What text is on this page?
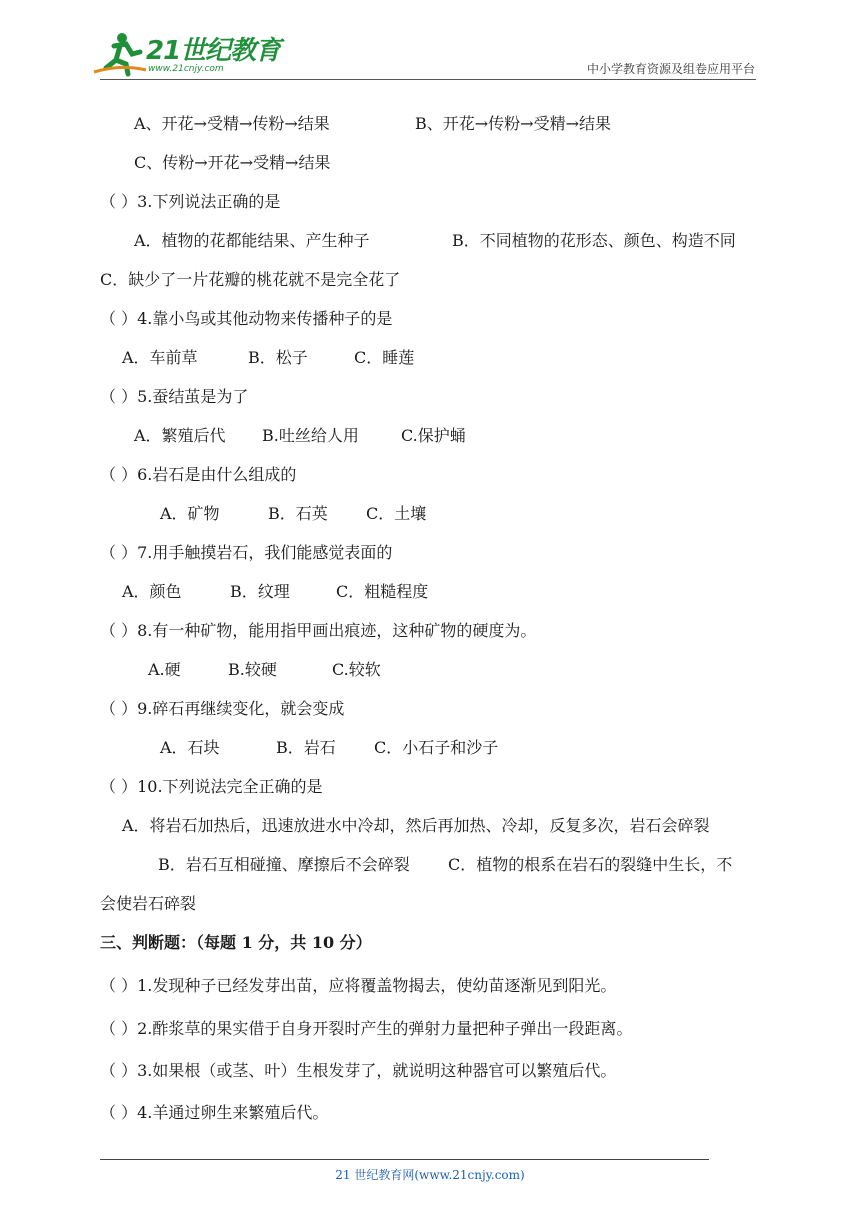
21世纪教育
www.21cnjy.com	中小学教育资源及组卷应用平台
A、开花→受精→传粉→结果	B、开花→传粉→受精→结果
C、传粉→开花→受精→结果
（ ）3.下列说法正确的是
A．植物的花都能结果、产生种子	B．不同植物的花形态、颜色、构造不同
C．缺少了一片花瓣的桃花就不是完全花了
（ ）4.靠小鸟或其他动物来传播种子的是
A．车前草	B．松子	C．睡莲
（ ）5.蚕结茧是为了
A．繁殖后代 B.吐丝给人用	C.保护蛹
（ ）6.岩石是由什么组成的
A．矿物	B．石英 C．土壤
（ ）7.用手触摸岩石，我们能感觉表面的
A．颜色	B．纹理	C．粗糙程度
（ ）8.有一种矿物，能用指甲画出痕迹，这种矿物的硬度为。
A.硬	B.较硬	C.较软
（ ）9.碎石再继续变化，就会变成
A．石块	B．岩石 C．小石子和沙子
（ ）10.下列说法完全正确的是
A．将岩石加热后，迅速放进水中冷却，然后再加热、冷却，反复多次，岩石会碎裂
B．岩石互相碰撞、摩擦后不会碎裂 C．植物的根系在岩石的裂缝中生长，不
会使岩石碎裂
三、判断题：（每题 1 分，共 10 分）
（ ）1.发现种子已经发芽出苗，应将覆盖物揭去，使幼苗逐渐见到阳光。
（ ）2.酢浆草的果实借于自身开裂时产生的弹射力量把种子弹出一段距离。
（ ）3.如果根（或茎、叶）生根发芽了，就说明这种器官可以繁殖后代。
（ ）4.羊通过卵生来繁殖后代。
21 世纪教育网(www.21cnjy.com)
